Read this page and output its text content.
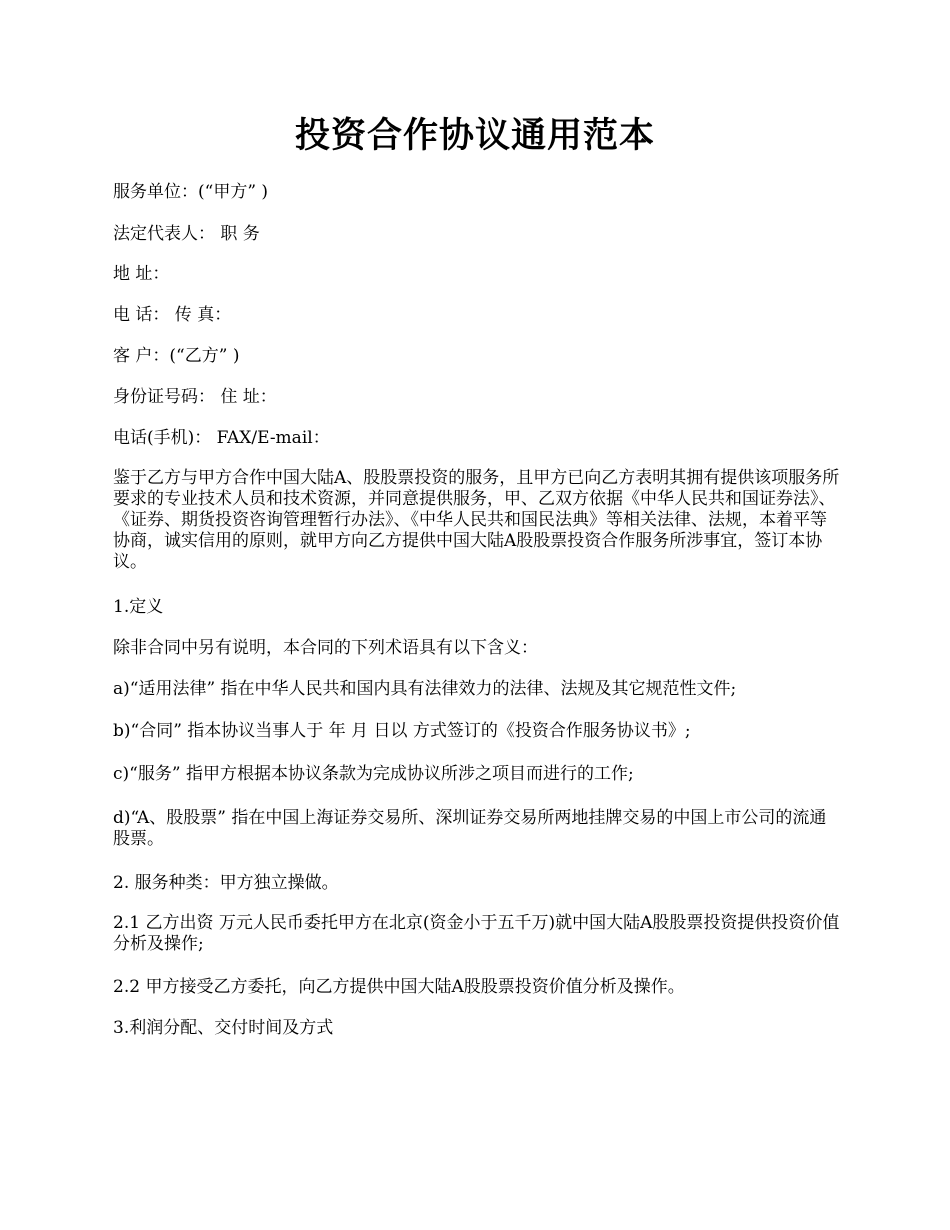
投资合作协议通用范本

服务单位：(“甲方” )

法定代表人： 职 务

地 址：

电 话： 传 真：

客 户：(“乙方” )

身份证号码： 住 址：

电话(手机)： FAX/E-mail：

鉴于乙方与甲方合作中国大陆A、股股票投资的服务，且甲方已向乙方表明其拥有提供该项服务所要求的专业技术人员和技术资源，并同意提供服务，甲、乙双方依据《中华人民共和国证券法》、《证券、期货投资咨询管理暂行办法》、《中华人民共和国民法典》等相关法律、法规，本着平等协商，诚实信用的原则，就甲方向乙方提供中国大陆A股股票投资合作服务所涉事宜，签订本协议。

1.定义

除非合同中另有说明，本合同的下列术语具有以下含义：

a)“适用法律” 指在中华人民共和国内具有法律效力的法律、法规及其它规范性文件;

b)“合同” 指本协议当事人于 年 月 日以 方式签订的《投资合作服务协议书》;

c)“服务” 指甲方根据本协议条款为完成协议所涉之项目而进行的工作;

d)“A、股股票” 指在中国上海证券交易所、深圳证券交易所两地挂牌交易的中国上市公司的流通股票。

2. 服务种类：甲方独立操做。

2.1 乙方出资 万元人民币委托甲方在北京(资金小于五千万)就中国大陆A股股票投资提供投资价值分析及操作;

2.2 甲方接受乙方委托，向乙方提供中国大陆A股股票投资价值分析及操作。

3.利润分配、交付时间及方式
